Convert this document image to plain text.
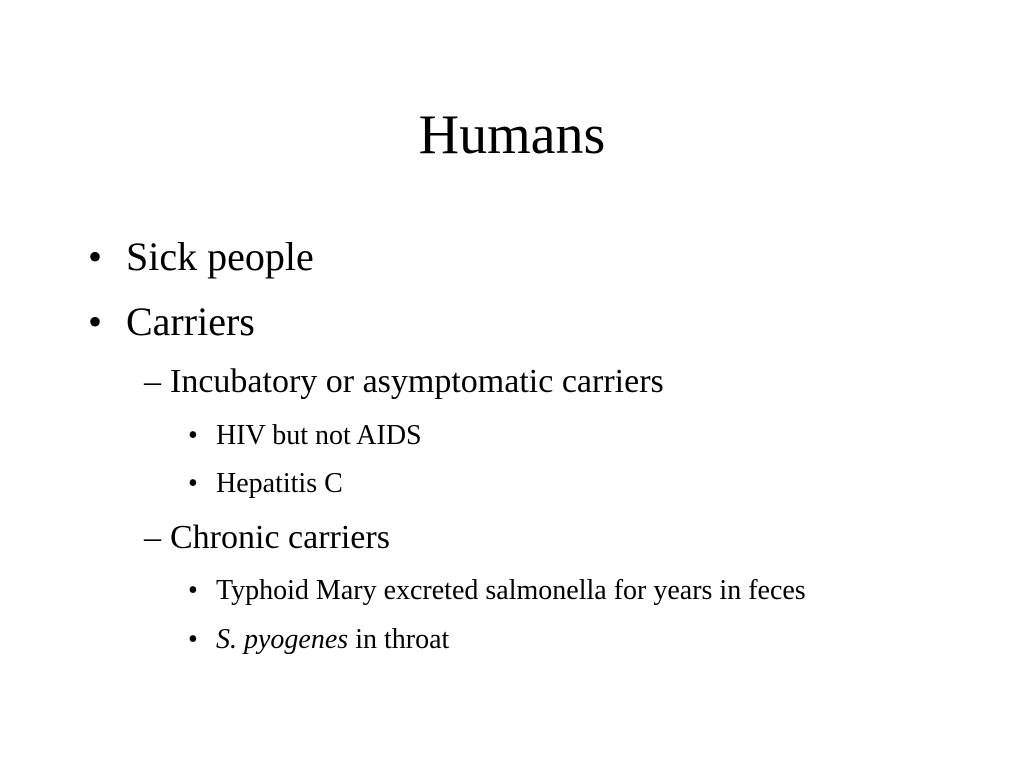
Humans
• Sick people
• Carriers
– Incubatory or asymptomatic carriers
• HIV but not AIDS
• Hepatitis C
– Chronic carriers
• Typhoid Mary excreted salmonella for years in feces
• S. pyogenes in throat
